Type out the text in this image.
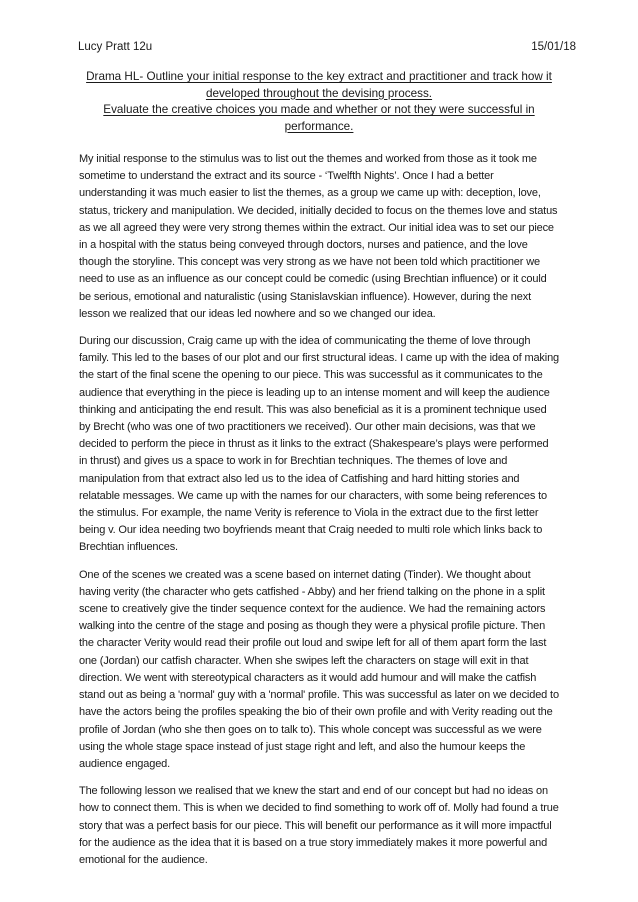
Lucy Pratt 12u	15/01/18
Drama HL- Outline your initial response to the key extract and practitioner and track how it
developed throughout the devising process.
Evaluate the creative choices you made and whether or not they were successful in
performance.

My initial response to the stimulus was to list out the themes and worked from those as it took me sometime to understand the extract and its source - ‘Twelfth Nights’. Once I had a better understanding it was much easier to list the themes, as a group we came up with: deception, love, status, trickery and manipulation. We decided, initially decided to focus on the themes love and status as we all agreed they were very strong themes within the extract. Our initial idea was to set our piece in a hospital with the status being conveyed through doctors, nurses and patience, and the love though the storyline. This concept was very strong as we have not been told which practitioner we need to use as an influence as our concept could be comedic (using Brechtian influence) or it could be serious, emotional and naturalistic (using Stanislavskian influence). However, during the next lesson we realized that our ideas led nowhere and so we changed our idea.

During our discussion, Craig came up with the idea of communicating the theme of love through family. This led to the bases of our plot and our first structural ideas. I came up with the idea of making the start of the final scene the opening to our piece. This was successful as it communicates to the audience that everything in the piece is leading up to an intense moment and will keep the audience thinking and anticipating the end result. This was also beneficial as it is a prominent technique used by Brecht (who was one of two practitioners we received). Our other main decisions, was that we decided to perform the piece in thrust as it links to the extract (Shakespeare’s plays were performed in thrust) and gives us a space to work in for Brechtian techniques. The themes of love and manipulation from that extract also led us to the idea of Catfishing and hard hitting stories and relatable messages. We came up with the names for our characters, with some being references to the stimulus. For example, the name Verity is reference to Viola in the extract due to the first letter being v. Our idea needing two boyfriends meant that Craig needed to multi role which links back to Brechtian influences.

One of the scenes we created was a scene based on internet dating (Tinder). We thought about having verity (the character who gets catfished - Abby) and her friend talking on the phone in a split scene to creatively give the tinder sequence context for the audience. We had the remaining actors walking into the centre of the stage and posing as though they were a physical profile picture. Then the character Verity would read their profile out loud and swipe left for all of them apart form the last one (Jordan) our catfish character. When she swipes left the characters on stage will exit in that direction. We went with stereotypical characters as it would add humour and will make the catfish stand out as being a 'normal' guy with a 'normal' profile. This was successful as later on we decided to have the actors being the profiles speaking the bio of their own profile and with Verity reading out the profile of Jordan (who she then goes on to talk to). This whole concept was successful as we were using the whole stage space instead of just stage right and left, and also the humour keeps the audience engaged.

The following lesson we realised that we knew the start and end of our concept but had no ideas on how to connect them. This is when we decided to find something to work off of. Molly had found a true story that was a perfect basis for our piece. This will benefit our performance as it will more impactful for the audience as the idea that it is based on a true story immediately makes it more powerful and emotional for the audience.
